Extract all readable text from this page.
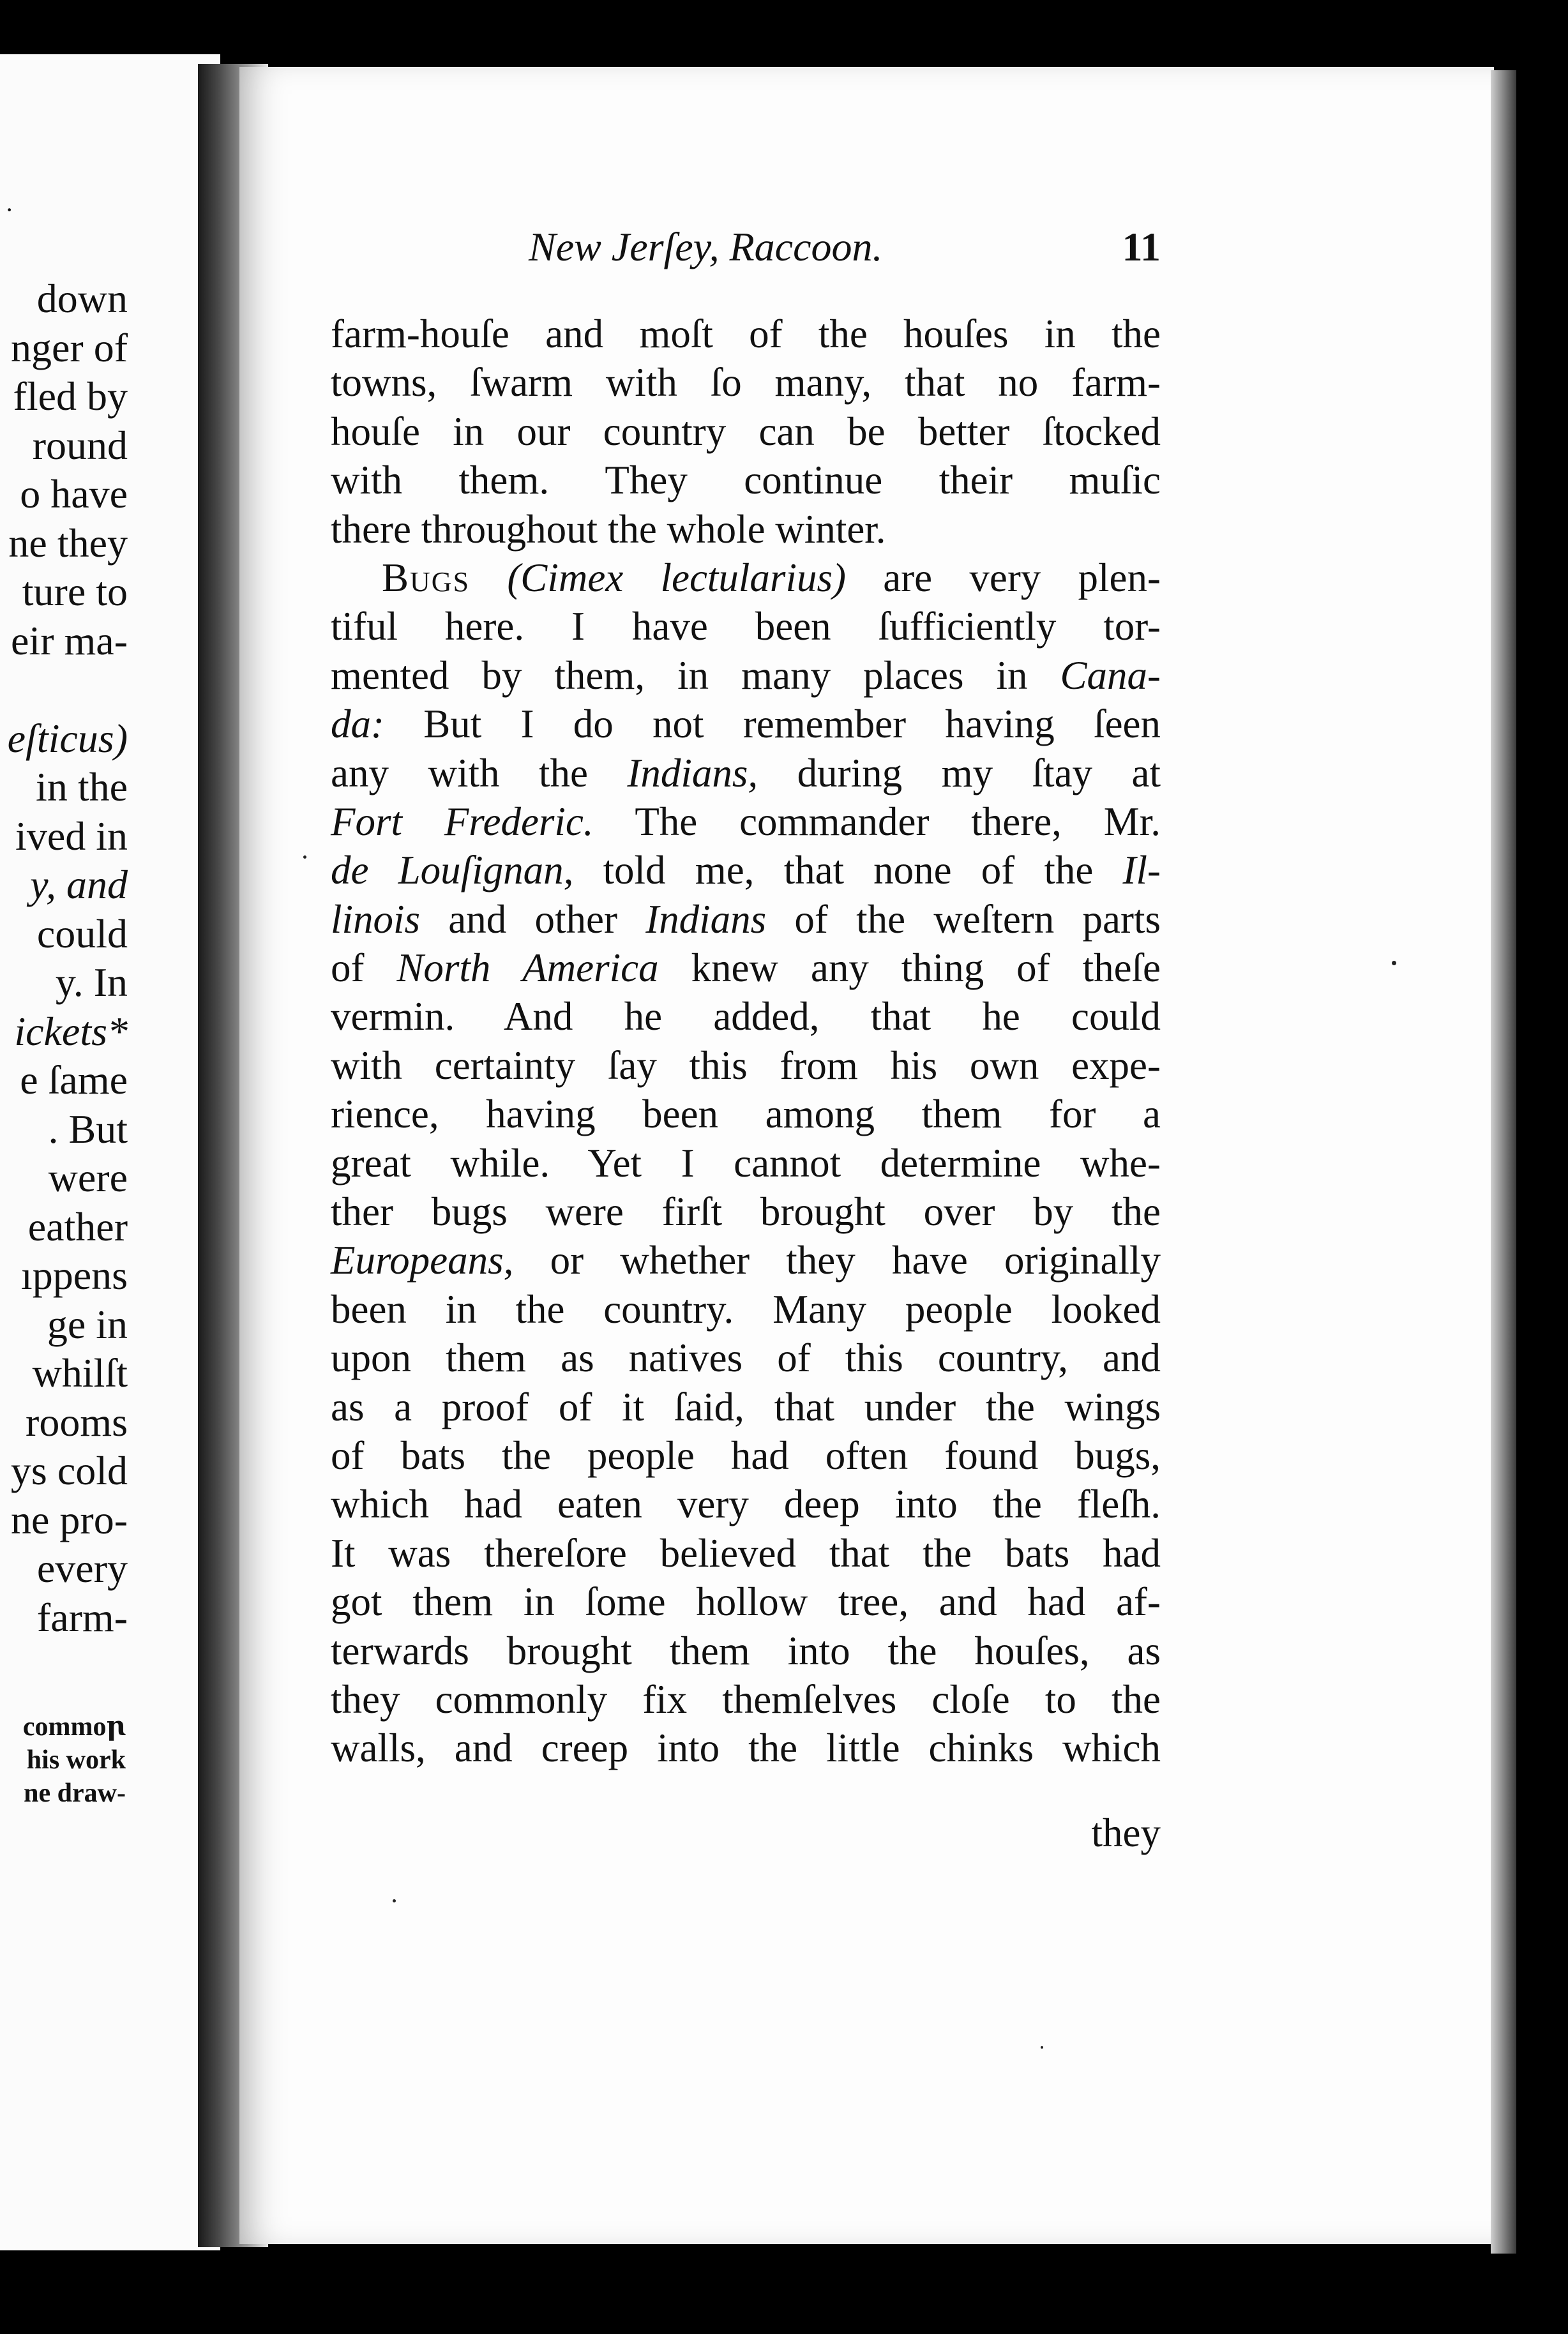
·
down
nger of
fled by
round
o have
ne they
ture to
eir ma-
eſticus)
in the
ived in
y, and
could
y. In
ickets*
e ſame
. But
were
eather
ıppens
ge in
whilſt
rooms
ys cold
ne pro-
every
farm-
commoꞃ
his work
ne draw-
New Jerſey, Raccoon.	11
farm-houſe and moſt of the houſes in the
towns, ſwarm with ſo many, that no farm-
houſe in our country can be better ſtocked
with them. They continue their muſic
there throughout the whole winter.
Bugs (Cimex lectularius) are very plen-
tiful here. I have been ſufficiently tor-
mented by them, in many places in Cana-
da: But I do not remember having ſeen
any with the Indians, during my ſtay at
Fort Frederic. The commander there, Mr.
de Louſignan, told me, that none of the Il-
linois and other Indians of the weſtern parts
of North America knew any thing of theſe
vermin. And he added, that he could
with certainty ſay this from his own expe-
rience, having been among them for a
great while. Yet I cannot determine whe-
ther bugs were firſt brought over by the
Europeans, or whether they have originally
been in the country. Many people looked
upon them as natives of this country, and
as a proof of it ſaid, that under the wings
of bats the people had often found bugs,
which had eaten very deep into the fleſh.
It was thereſore believed that the bats had
got them in ſome hollow tree, and had af-
terwards brought them into the houſes, as
they commonly fix themſelves cloſe to the
walls, and creep into the little chinks which
they
